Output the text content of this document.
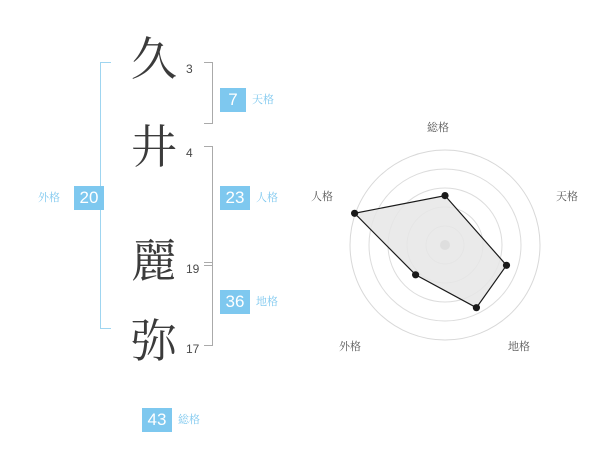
外格	20
久 3
井 4
麗 19
弥 17
7	天格
23	人格
36	地格
43	総格
総格
天格
地格
外格
人格
